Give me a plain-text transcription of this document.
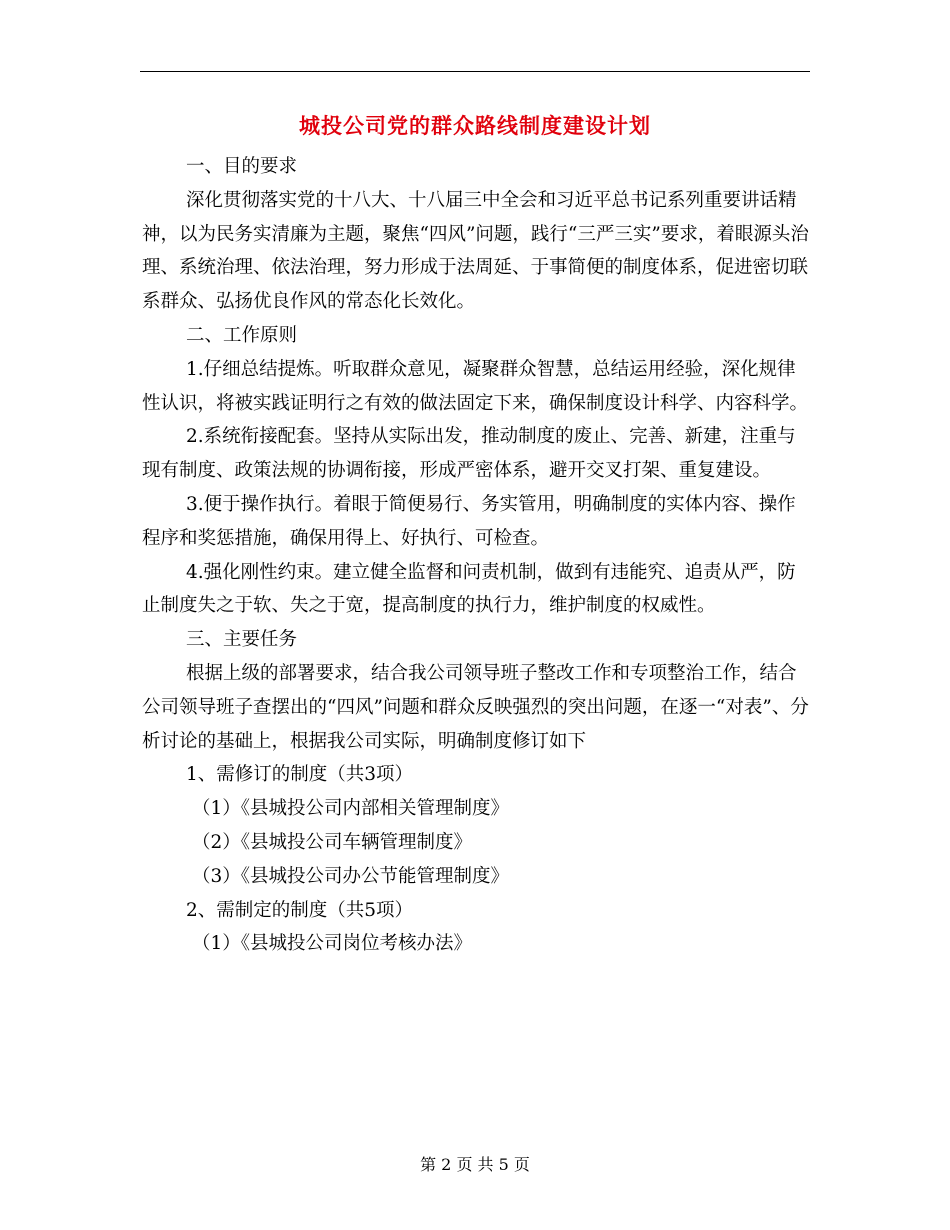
城投公司党的群众路线制度建设计划

一、目的要求

深化贯彻落实党的十八大、十八届三中全会和习近平总书记系列重要讲话精神，以为民务实清廉为主题，聚焦“四风”问题，践行“三严三实”要求，着眼源头治理、系统治理、依法治理，努力形成于法周延、于事简便的制度体系，促进密切联系群众、弘扬优良作风的常态化长效化。

二、工作原则

1.仔细总结提炼。听取群众意见，凝聚群众智慧，总结运用经验，深化规律性认识，将被实践证明行之有效的做法固定下来，确保制度设计科学、内容科学。

2.系统衔接配套。坚持从实际出发，推动制度的废止、完善、新建，注重与现有制度、政策法规的协调衔接，形成严密体系，避开交叉打架、重复建设。

3.便于操作执行。着眼于简便易行、务实管用，明确制度的实体内容、操作程序和奖惩措施，确保用得上、好执行、可检查。

4.强化刚性约束。建立健全监督和问责机制，做到有违能究、追责从严，防止制度失之于软、失之于宽，提高制度的执行力，维护制度的权威性。

三、主要任务

根据上级的部署要求，结合我公司领导班子整改工作和专项整治工作，结合公司领导班子查摆出的“四风”问题和群众反映强烈的突出问题，在逐一“对表”、分析讨论的基础上，根据我公司实际，明确制度修订如下

1、需修订的制度（共3项）

（1）《县城投公司内部相关管理制度》

（2）《县城投公司车辆管理制度》

（3）《县城投公司办公节能管理制度》

2、需制定的制度（共5项）

（1）《县城投公司岗位考核办法》

第 2 页 共 5 页
